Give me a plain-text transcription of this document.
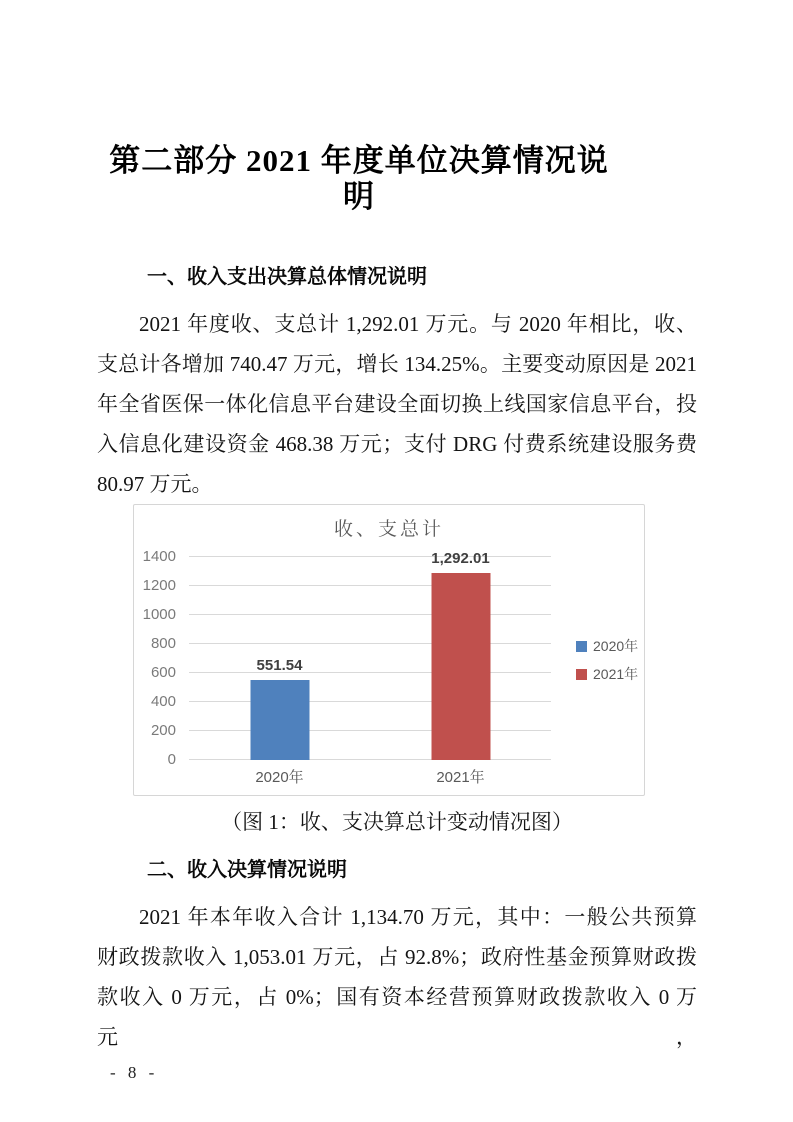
第二部分 2021 年度单位决算情况说明
一、收入支出决算总体情况说明
2021 年度收、支总计 1,292.01 万元。与 2020 年相比，收、
支总计各增加 740.47 万元，增长 134.25%。主要变动原因是 2021
年全省医保一体化信息平台建设全面切换上线国家信息平台，投
入信息化建设资金 468.38 万元；支付 DRG 付费系统建设服务费
80.97 万元。
收、支总计
0
200
400
600
800
1000
1200
1400
551.54
1,292.01
2020年	2021年
2020年
2021年
（图 1：收、支决算总计变动情况图）
二、收入决算情况说明
2021 年本年收入合计 1,134.70 万元，其中：一般公共预算
财政拨款收入 1,053.01 万元，占 92.8%；政府性基金预算财政拨
款收入 0 万元，占 0%；国有资本经营预算财政拨款收入 0 万元，
- 8 -
